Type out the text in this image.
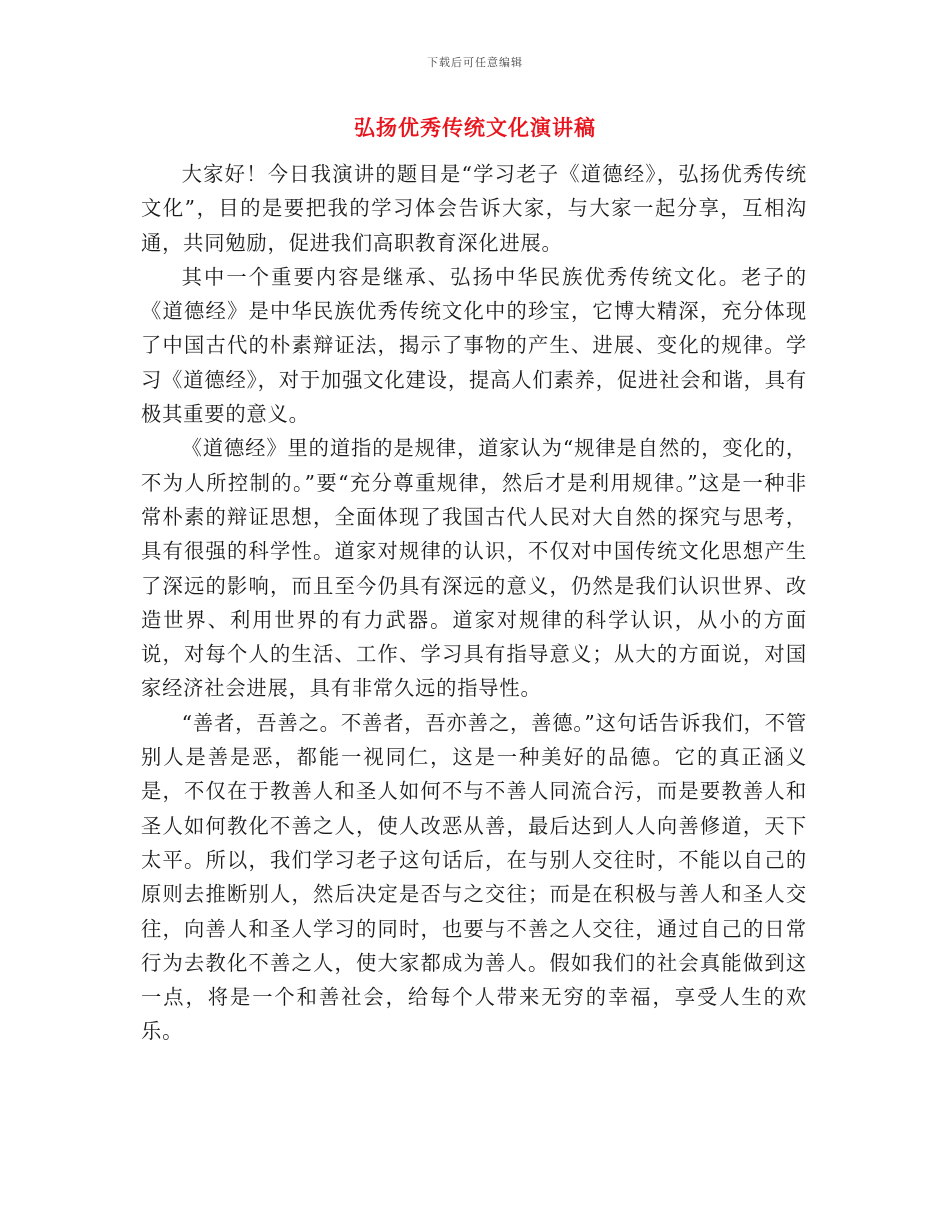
下载后可任意编辑
弘扬优秀传统文化演讲稿

大家好！今日我演讲的题目是“学习老子《道德经》，弘扬优秀传统文化”，目的是要把我的学习体会告诉大家，与大家一起分享，互相沟通，共同勉励，促进我们高职教育深化进展。

其中一个重要内容是继承、弘扬中华民族优秀传统文化。老子的《道德经》是中华民族优秀传统文化中的珍宝，它博大精深，充分体现了中国古代的朴素辩证法，揭示了事物的产生、进展、变化的规律。学习《道德经》，对于加强文化建设，提高人们素养，促进社会和谐，具有极其重要的意义。

《道德经》里的道指的是规律，道家认为“规律是自然的，变化的，不为人所控制的。”要“充分尊重规律，然后才是利用规律。”这是一种非常朴素的辩证思想，全面体现了我国古代人民对大自然的探究与思考，具有很强的科学性。道家对规律的认识，不仅对中国传统文化思想产生了深远的影响，而且至今仍具有深远的意义，仍然是我们认识世界、改造世界、利用世界的有力武器。道家对规律的科学认识，从小的方面说，对每个人的生活、工作、学习具有指导意义；从大的方面说，对国家经济社会进展，具有非常久远的指导性。

“善者，吾善之。不善者，吾亦善之，善德。”这句话告诉我们，不管别人是善是恶，都能一视同仁，这是一种美好的品德。它的真正涵义是，不仅在于教善人和圣人如何不与不善人同流合污，而是要教善人和圣人如何教化不善之人，使人改恶从善，最后达到人人向善修道，天下太平。所以，我们学习老子这句话后，在与别人交往时，不能以自己的原则去推断别人，然后决定是否与之交往；而是在积极与善人和圣人交往，向善人和圣人学习的同时，也要与不善之人交往，通过自己的日常行为去教化不善之人，使大家都成为善人。假如我们的社会真能做到这一点，将是一个和善社会，给每个人带来无穷的幸福，享受人生的欢乐。
